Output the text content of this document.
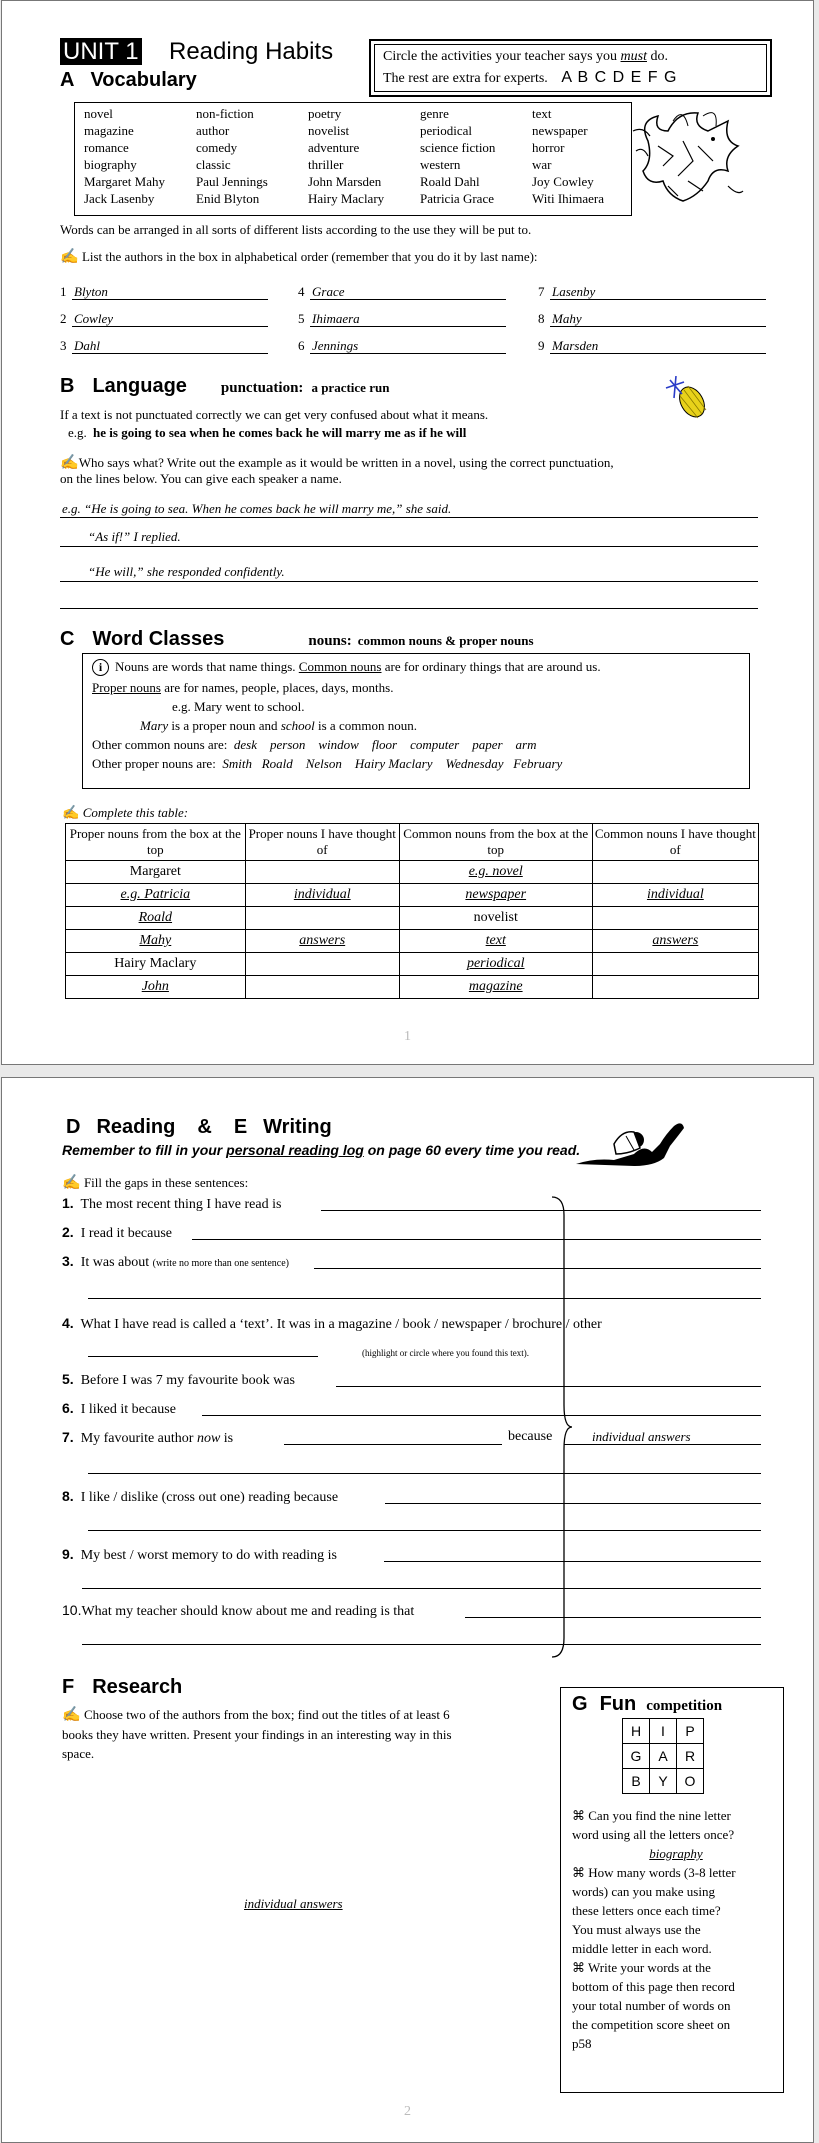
UNIT 1 Reading Habits
A Vocabulary
Circle the activities your teacher says you must do.
The rest are extra for experts. A B C D E F G
novel	non-fiction	poetry	genre	text
magazine	author	novelist	periodical	newspaper
romance	comedy	adventure	science fiction	horror
biography	classic	thriller	western	war
Margaret Mahy	Paul Jennings	John Marsden	Roald Dahl	Joy Cowley
Jack Lasenby	Enid Blyton	Hairy Maclary	Patricia Grace	Witi Ihimaera
Words can be arranged in all sorts of different lists according to the use they will be put to.
✍ List the authors in the box in alphabetical order (remember that you do it by last name):
1 Blyton
2 Cowley
3 Dahl
4 Grace
5 Ihimaera
6 Jennings
7 Lasenby
8 Mahy
9 Marsden
B Language punctuation: a practice run
If a text is not punctuated correctly we can get very confused about what it means.
e.g. he is going to sea when he comes back he will marry me as if he will
✍Who says what? Write out the example as it would be written in a novel, using the correct punctuation,
on the lines below. You can give each speaker a name.
e.g. “He is going to sea. When he comes back he will marry me,” she said.
“As if!” I replied.
“He will,” she responded confidently.
C Word Classes	nouns: common nouns & proper nouns
i Nouns are words that name things. Common nouns are for ordinary things that are around us.
Proper nouns are for names, people, places, days, months.
e.g. Mary went to school.
Mary is a proper noun and school is a common noun.
Other common nouns are: desk    person    window    floor    computer    paper    arm
Other proper nouns are: Smith   Roald    Nelson    Hairy Maclary    Wednesday   February
✍ Complete this table:
Proper nouns from the box at the top	Proper nouns I have thought of	Common nouns from the box at the top	Common nouns I have thought of
Margaret		e.g. novel	
e.g. Patricia	individual	newspaper	individual
Roald		novelist	
Mahy	answers	text	answers
Hairy Maclary		periodical	
John		magazine	
1
D Reading & E Writing
Remember to fill in your personal reading log on page 60 every time you read.
✍ Fill the gaps in these sentences:
1. The most recent thing I have read is
2. I read it because
3. It was about (write no more than one sentence)
4. What I have read is called a ‘text’. It was in a magazine / book / newspaper / brochure / other
(highlight or circle where you found this text).
5. Before I was 7 my favourite book was
6. I liked it because
7. My favourite author now is	because	individual answers
8. I like / dislike (cross out one) reading because
9. My best / worst memory to do with reading is
10.What my teacher should know about me and reading is that
F Research
✍ Choose two of the authors from the box; find out the titles of at least 6
books they have written. Present your findings in an interesting way in this
space.
individual answers
G Fun competition
H	I	P
G	A	R
B	Y	O
⌘ Can you find the nine letter
word using all the letters once?
biography
⌘ How many words (3-8 letter
words) can you make using
these letters once each time?
You must always use the
middle letter in each word.
⌘ Write your words at the
bottom of this page then record
your total number of words on
the competition score sheet on
p58
2
